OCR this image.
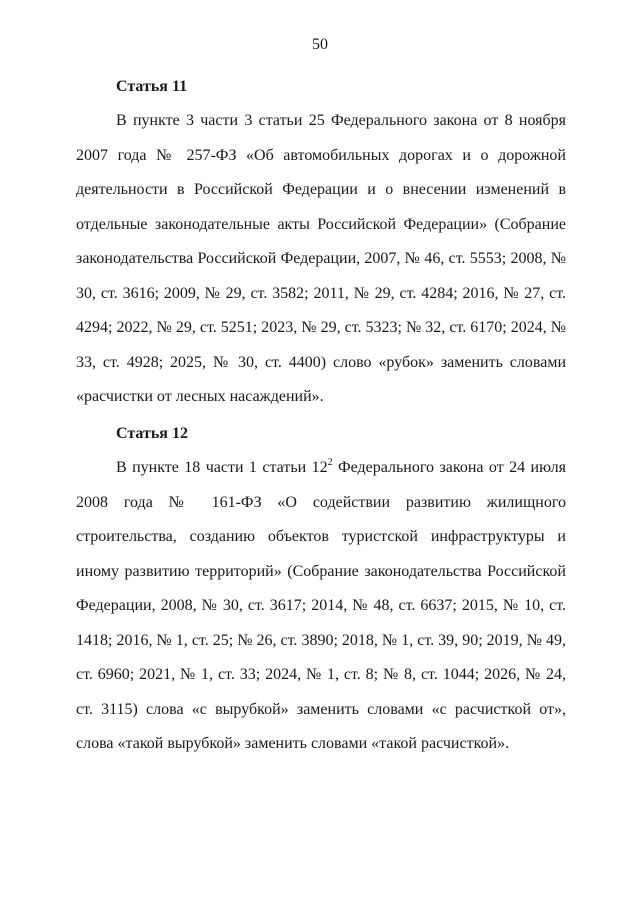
50
Статья 11

В пункте 3 части 3 статьи 25 Федерального закона от 8 ноября 2007 года № 257-ФЗ «Об автомобильных дорогах и о дорожной деятельности в Российской Федерации и о внесении изменений в отдельные законодательные акты Российской Федерации» (Собрание законодательства Российской Федерации, 2007, № 46, ст. 5553; 2008, № 30, ст. 3616; 2009, № 29, ст. 3582; 2011, № 29, ст. 4284; 2016, № 27, ст. 4294; 2022, № 29, ст. 5251; 2023, № 29, ст. 5323; № 32, ст. 6170; 2024, № 33, ст. 4928; 2025, № 30, ст. 4400) слово «рубок» заменить словами «расчистки от лесных насаждений».

Статья 12

В пункте 18 части 1 статьи $12^2$ Федерального закона от 24 июля 2008 года № 161-ФЗ «О содействии развитию жилищного строительства, созданию объектов туристской инфраструктуры и иному развитию территорий» (Собрание законодательства Российской Федерации, 2008, № 30, ст. 3617; 2014, № 48, ст. 6637; 2015, № 10, ст. 1418; 2016, № 1, ст. 25; № 26, ст. 3890; 2018, № 1, ст. 39, 90; 2019, № 49, ст. 6960; 2021, № 1, ст. 33; 2024, № 1, ст. 8; № 8, ст. 1044; 2026, № 24, ст. 3115) слова «с вырубкой» заменить словами «с расчисткой от», слова «такой вырубкой» заменить словами «такой расчисткой».
